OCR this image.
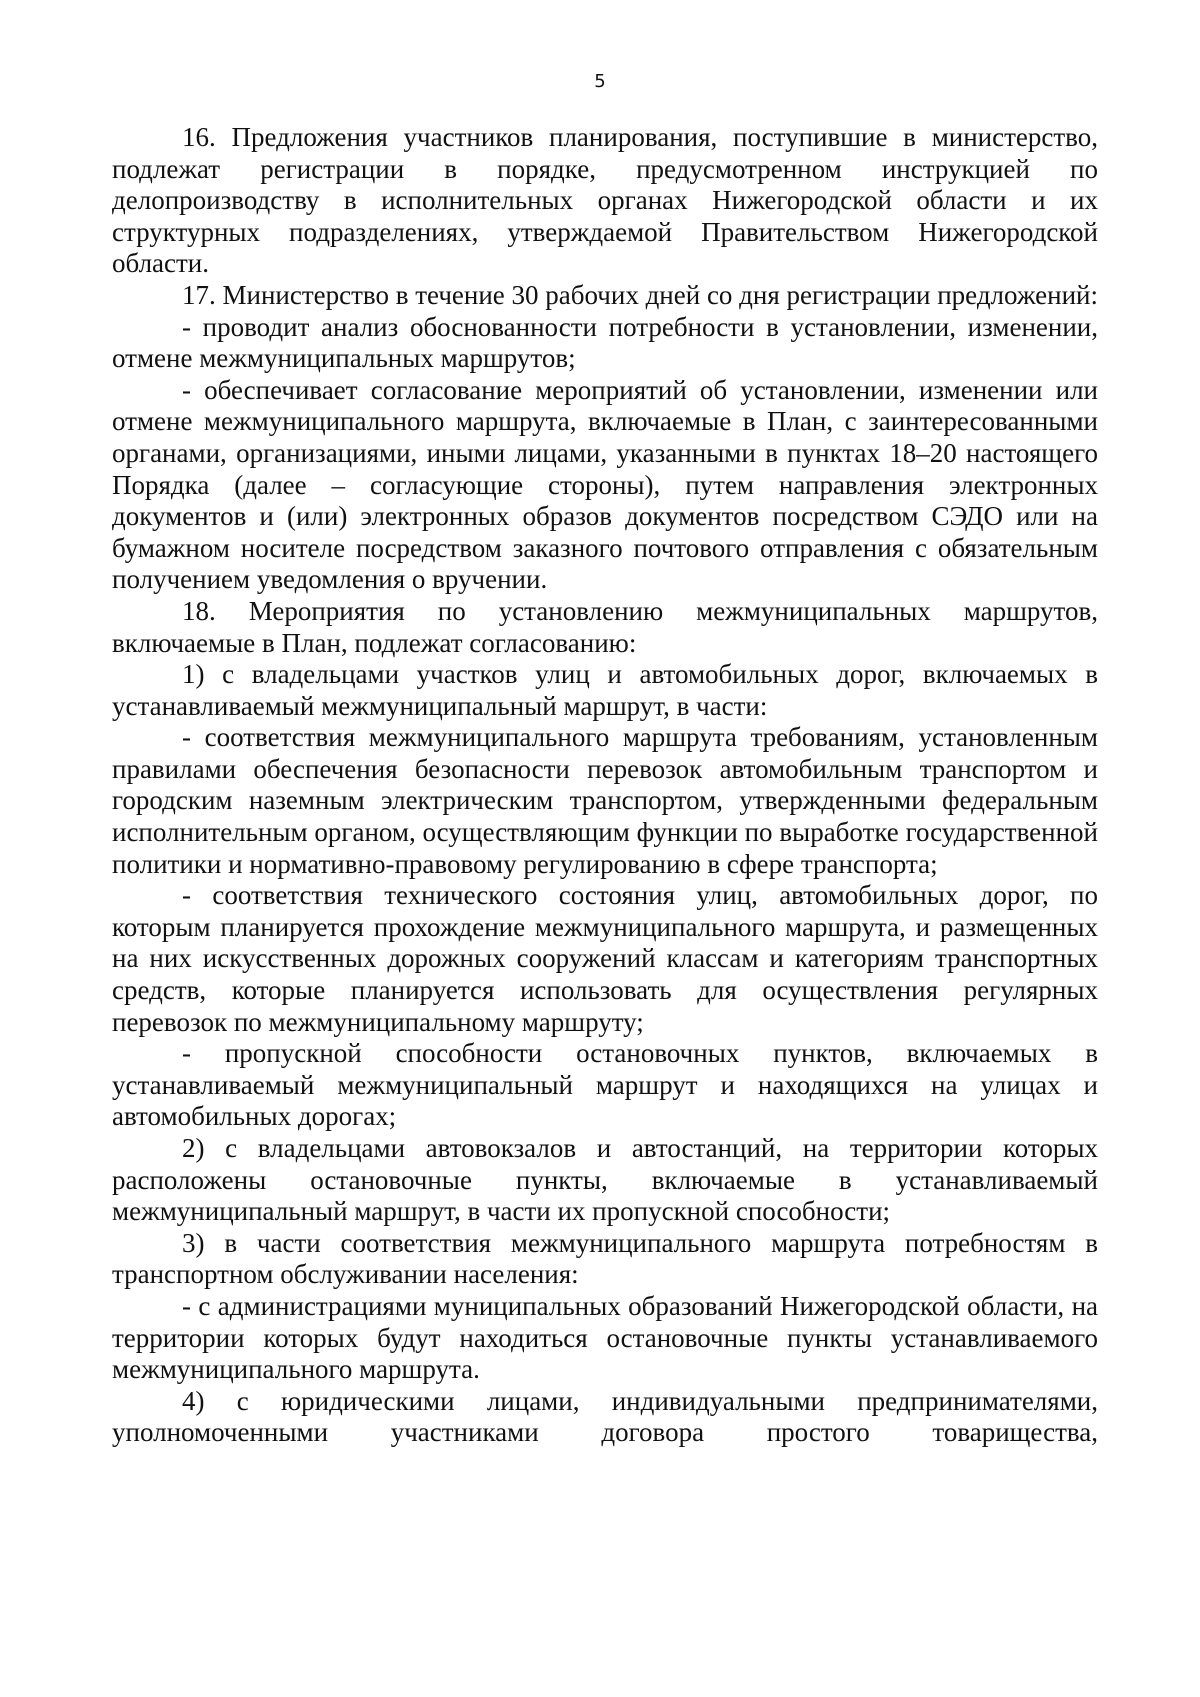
5

16. Предложения участников планирования, поступившие в министерство, подлежат регистрации в порядке, предусмотренном инструкцией по делопроизводству в исполнительных органах Нижегородской области и их структурных подразделениях, утверждаемой Правительством Нижегородской области.

17. Министерство в течение 30 рабочих дней со дня регистрации предложений:

- проводит анализ обоснованности потребности в установлении, изменении, отмене межмуниципальных маршрутов;

- обеспечивает согласование мероприятий об установлении, изменении или отмене межмуниципального маршрута, включаемые в План, с заинтересованными органами, организациями, иными лицами, указанными в пунктах 18–20 настоящего Порядка (далее – согласующие стороны), путем направления электронных документов и (или) электронных образов документов посредством СЭДО или на бумажном носителе посредством заказного почтового отправления с обязательным получением уведомления о вручении.

18. Мероприятия по установлению межмуниципальных маршрутов, включаемые в План, подлежат согласованию:

1) с владельцами участков улиц и автомобильных дорог, включаемых в устанавливаемый межмуниципальный маршрут, в части:

- соответствия межмуниципального маршрута требованиям, установленным правилами обеспечения безопасности перевозок автомобильным транспортом и городским наземным электрическим транспортом, утвержденными федеральным исполнительным органом, осуществляющим функции по выработке государственной политики и нормативно-правовому регулированию в сфере транспорта;

- соответствия технического состояния улиц, автомобильных дорог, по которым планируется прохождение межмуниципального маршрута, и размещенных на них искусственных дорожных сооружений классам и категориям транспортных средств, которые планируется использовать для осуществления регулярных перевозок по межмуниципальному маршруту;

- пропускной способности остановочных пунктов, включаемых в устанавливаемый межмуниципальный маршрут и находящихся на улицах и автомобильных дорогах;

2) с владельцами автовокзалов и автостанций, на территории которых расположены остановочные пункты, включаемые в устанавливаемый межмуниципальный маршрут, в части их пропускной способности;

3) в части соответствия межмуниципального маршрута потребностям в транспортном обслуживании населения:

- с администрациями муниципальных образований Нижегородской области, на территории которых будут находиться остановочные пункты устанавливаемого межмуниципального маршрута.

4) с юридическими лицами, индивидуальными предпринимателями, уполномоченными участниками договора простого товарищества,
